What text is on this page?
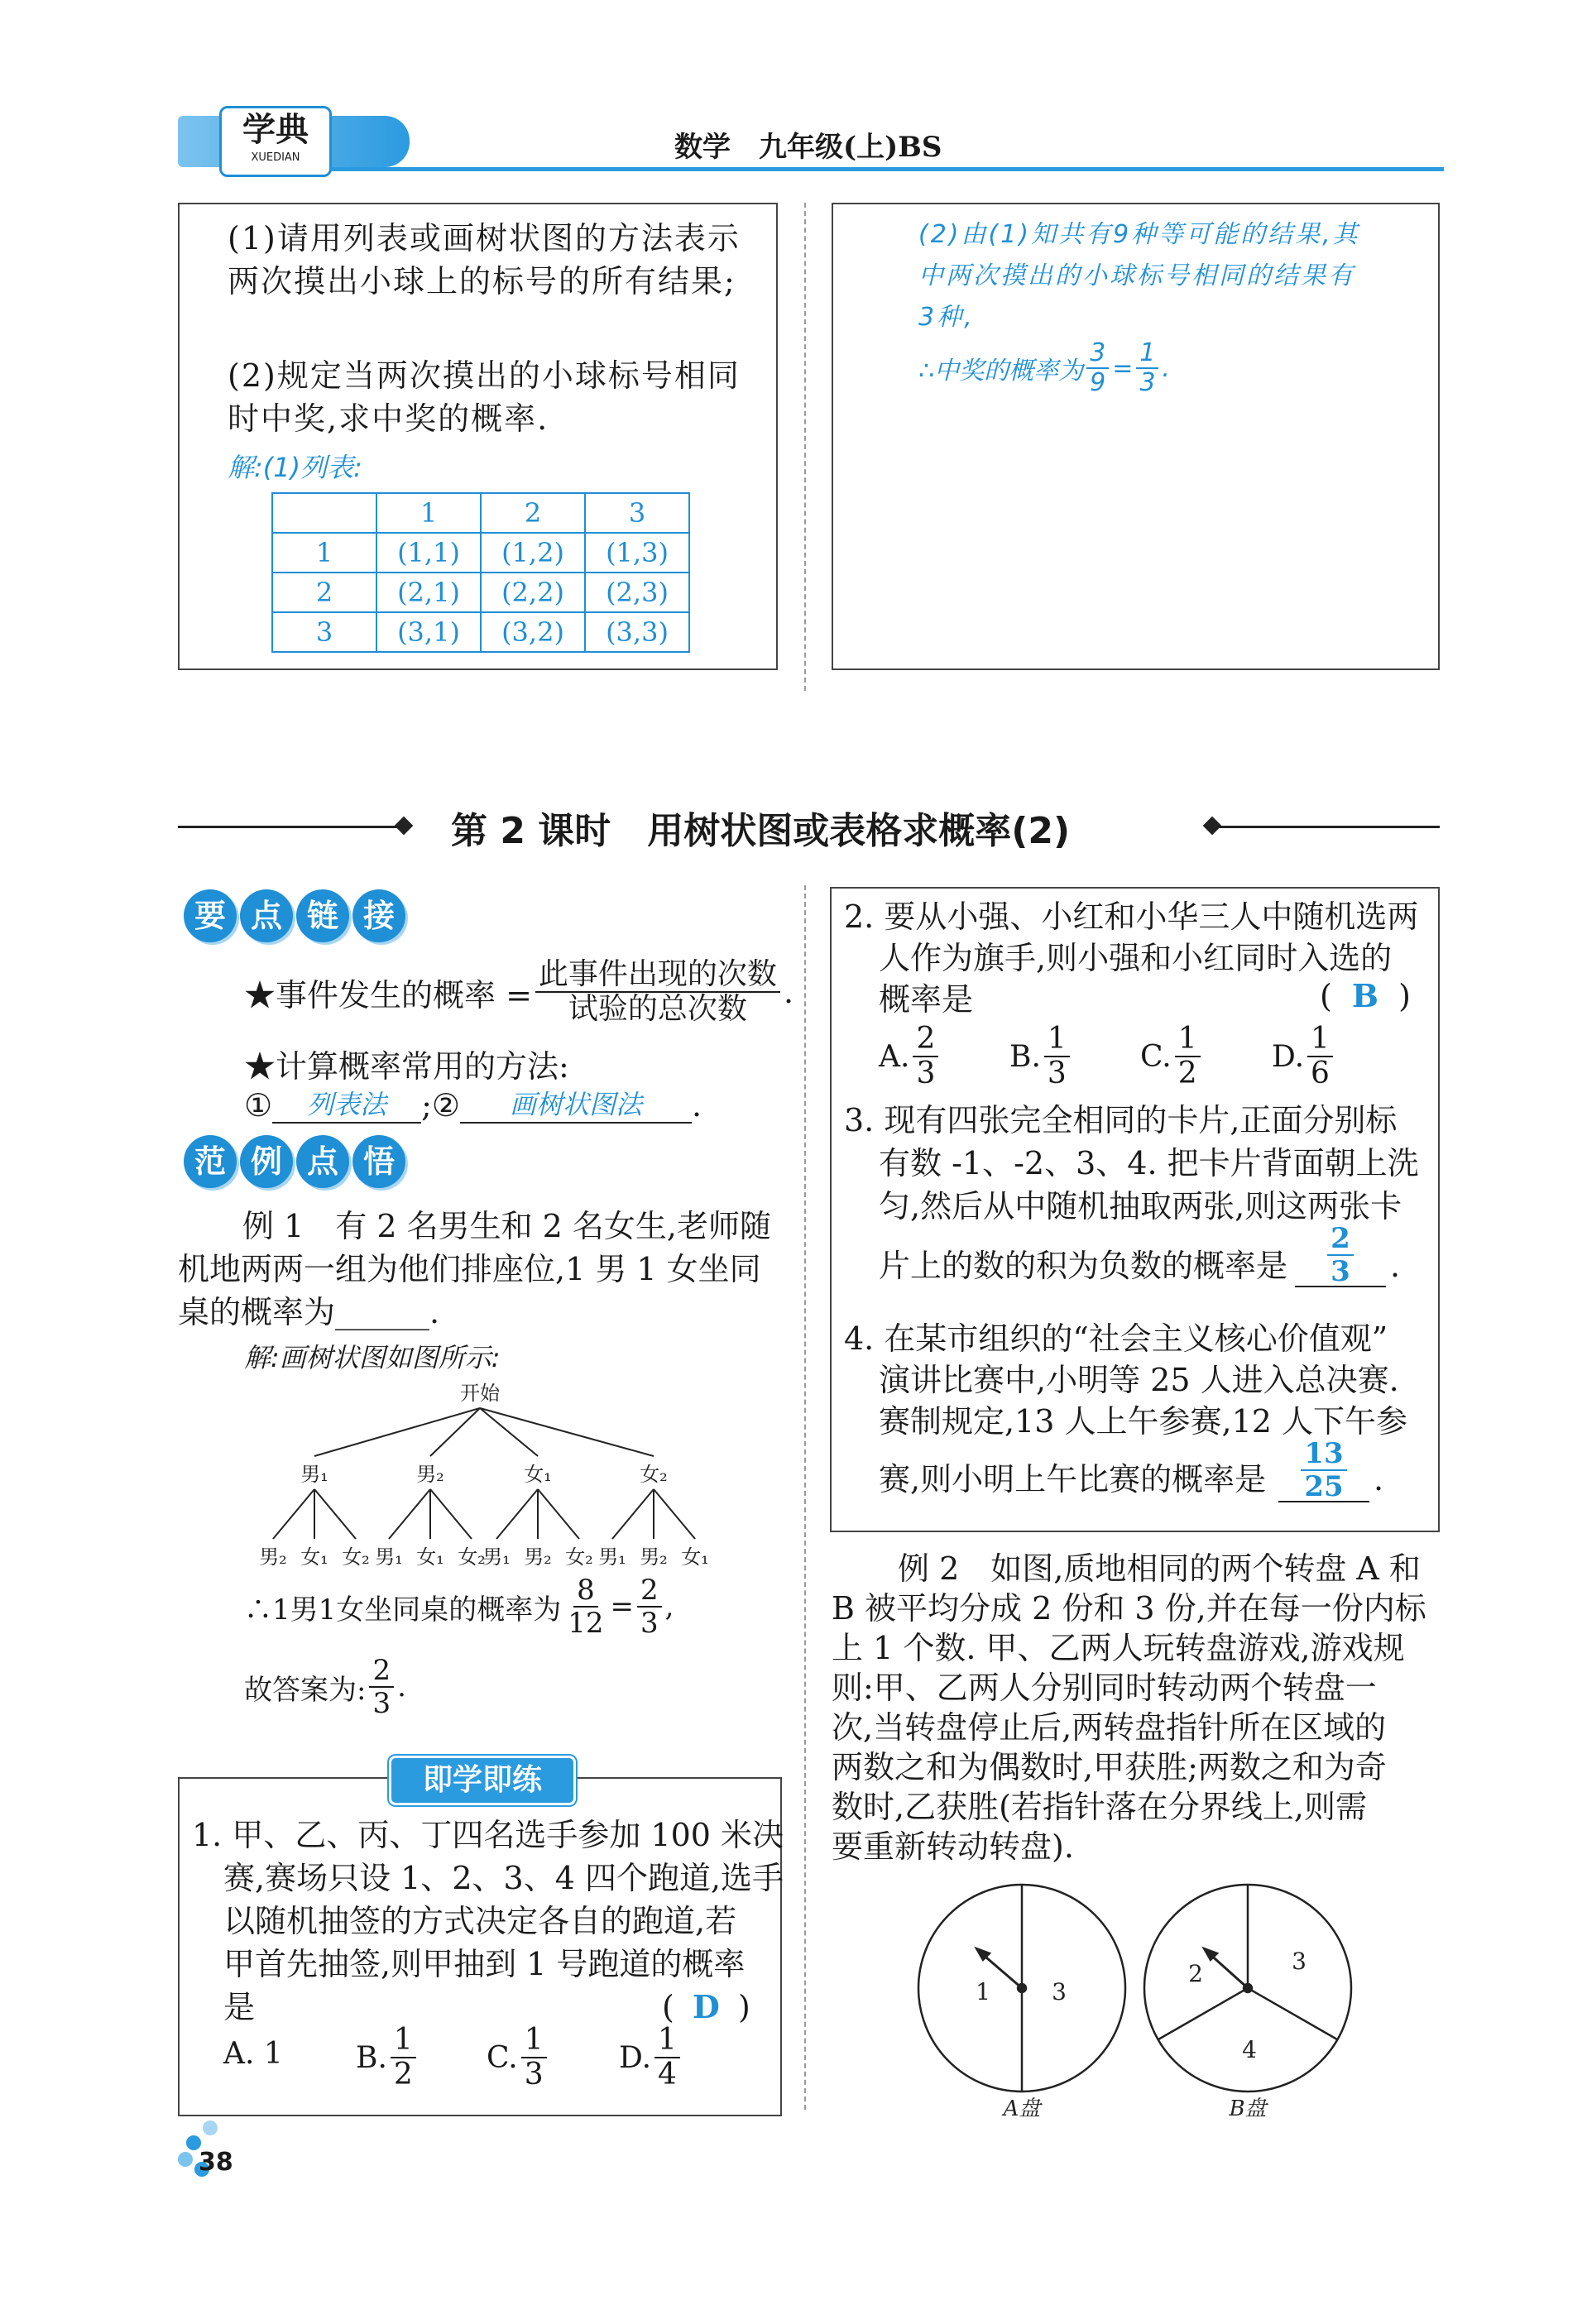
学典
XUEDIAN	数学　九年级(上)BS
(1)请用列表或画树状图的方法表示两次摸出小球上的标号的所有结果;
(2)规定当两次摸出的小球标号相同时中奖,求中奖的概率.
解:(1)列表:
	1	2	3
1	(1,1)	(1,2)	(1,3)
2	(2,1)	(2,2)	(2,3)
3	(3,1)	(3,2)	(3,3)
(2)由(1)知共有9种等可能的结果,其
中两次摸出的小球标号相同的结果有
3种,
∴中奖的概率为 $\frac{3}{9} = \frac{1}{3}$ .
第 2 课时　用树状图或表格求概率(2)
要 点 链 接
★事件发生的概率 = $\frac{\text{此事件出现的次数}}{\text{试验的总次数}}$ .
★计算概率常用的方法:
①	列表法	;②	画树状图法	.
范 例 点 悟
例 1　有 2 名男生和 2 名女生,老师随
机地两两一组为他们排座位,1 男 1 女坐同
桌的概率为______.
解:画树状图如图所示:
开始
男₁	男₂	女₁	女₂
男₂ 女₁ 女₂ 男₁ 女₁ 女₂
男₁ 男₂ 女₂ 男₁ 男₂ 女₁
∴1男1女坐同桌的概率为 $\frac{8}{12} = \frac{2}{3}$ ,
故答案为: $\frac{2}{3}$ .
即学即练
1. 甲、乙、丙、丁四名选手参加 100 米决
赛,赛场只设 1、2、3、4 四个跑道,选手
以随机抽签的方式决定各自的跑道,若
甲首先抽签,则甲抽到 1 号跑道的概率
是	( D )
A. 1 B. $\frac{1}{2} C$. $\frac{1}{3} D$. $\frac{1}{4}$
2. 要从小强、小红和小华三人中随机选两
人作为旗手,则小强和小红同时入选的
概率是	( B )
A. $\frac{2}{3} B$. $\frac{1}{3} C$. $\frac{1}{2} D$. $\frac{1}{6}$
3. 现有四张完全相同的卡片,正面分别标
有数 -1、-2、3、4. 把卡片背面朝上洗
匀,然后从中随机抽取两张,则这两张卡
片上的数的积为负数的概率是 $\frac{2}{3}$ .
4. 在某市组织的“社会主义核心价值观”
演讲比赛中,小明等 25 人进入总决赛.
赛制规定,13 人上午参赛,12 人下午参
赛,则小明上午比赛的概率是 $\frac{13}{25}$ .
例 2　如图,质地相同的两个转盘 A 和
B 被平均分成 2 份和 3 份,并在每一份内标
上 1 个数. 甲、乙两人玩转盘游戏,游戏规
则:甲、乙两人分别同时转动两个转盘一
次,当转盘停止后,两转盘指针所在区域的
两数之和为偶数时,甲获胜;两数之和为奇
数时,乙获胜(若指针落在分界线上,则需
要重新转动转盘).
1	3
2	3
4
A盘	B盘
38
